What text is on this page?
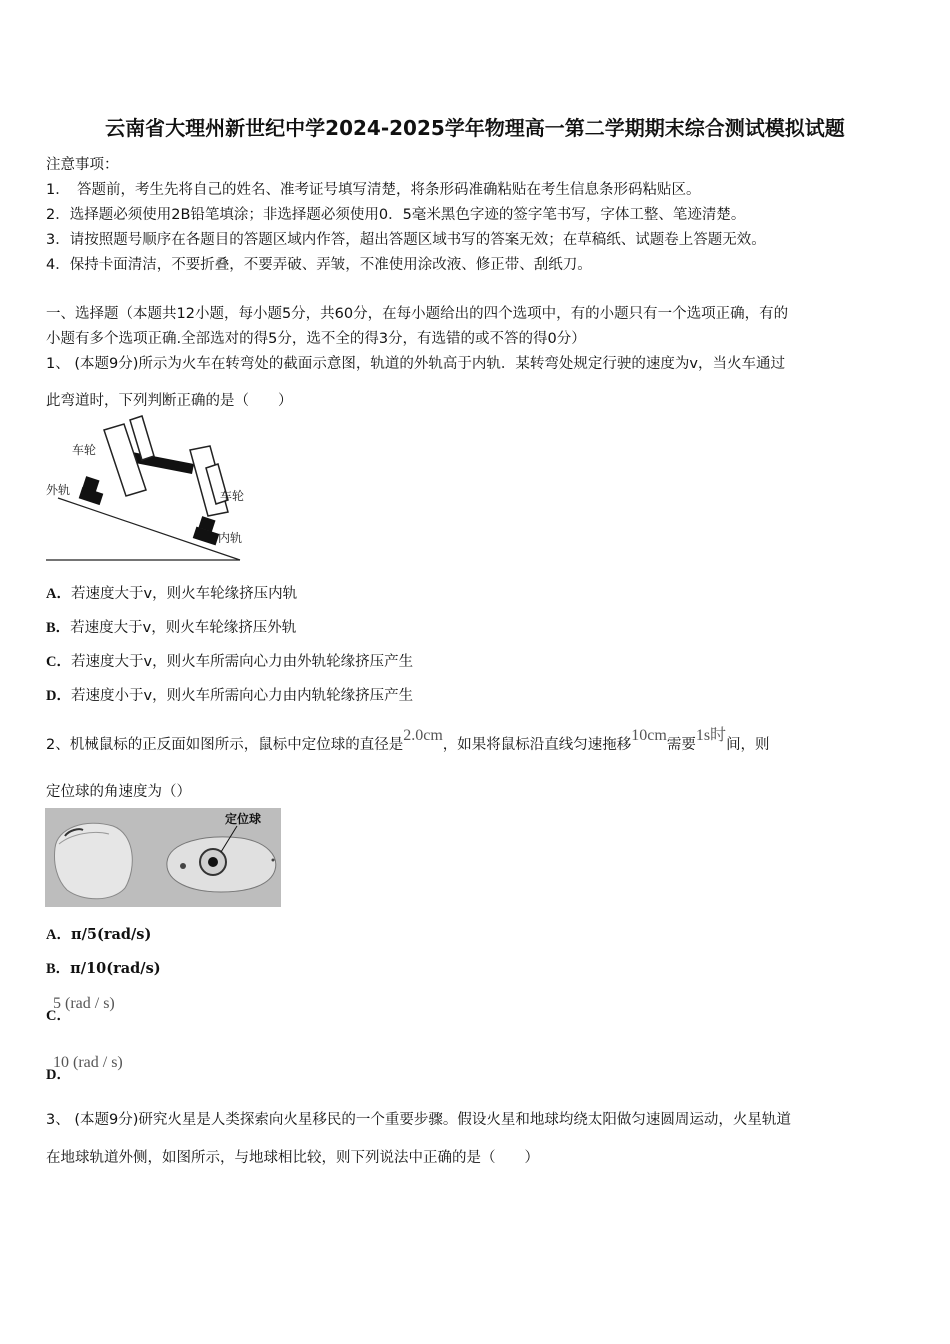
云南省大理州新世纪中学2024-2025学年物理高一第二学期期末综合测试模拟试题
注意事项：
1．　答题前，考生先将自己的姓名、准考证号填写清楚，将条形码准确粘贴在考生信息条形码粘贴区。
2．选择题必须使用2B铅笔填涂；非选择题必须使用0．5毫米黑色字迹的签字笔书写，字体工整、笔迹清楚。
3．请按照题号顺序在各题目的答题区域内作答，超出答题区域书写的答案无效；在草稿纸、试题卷上答题无效。
4．保持卡面清洁，不要折叠，不要弄破、弄皱，不准使用涂改液、修正带、刮纸刀。
一、选择题（本题共12小题，每小题5分，共60分，在每小题给出的四个选项中，有的小题只有一个选项正确，有的
小题有多个选项正确.全部选对的得5分，选不全的得3分，有选错的或不答的得0分）
1、 (本题9分)所示为火车在转弯处的截面示意图，轨道的外轨高于内轨．某转弯处规定行驶的速度为v，当火车通过
此弯道时，下列判断正确的是（　　）
车轮
外轨	车轮
内轨
A．若速度大于v，则火车轮缘挤压内轨
B．若速度大于v，则火车轮缘挤压外轨
C．若速度大于v，则火车所需向心力由外轨轮缘挤压产生
D．若速度小于v，则火车所需向心力由内轨轮缘挤压产生
2、机械鼠标的正反面如图所示，鼠标中定位球的直径是2.0cm，如果将鼠标沿直线匀速拖移10cm需要1s时间，则
定位球的角速度为（）
定位球
A．π/5(rad/s)
B．π/10(rad/s)
C．5 (rad / s)
D．10 (rad / s)
3、 (本题9分)研究火星是人类探索向火星移民的一个重要步骤。假设火星和地球均绕太阳做匀速圆周运动，火星轨道
在地球轨道外侧，如图所示，与地球相比较，则下列说法中正确的是（　　）
